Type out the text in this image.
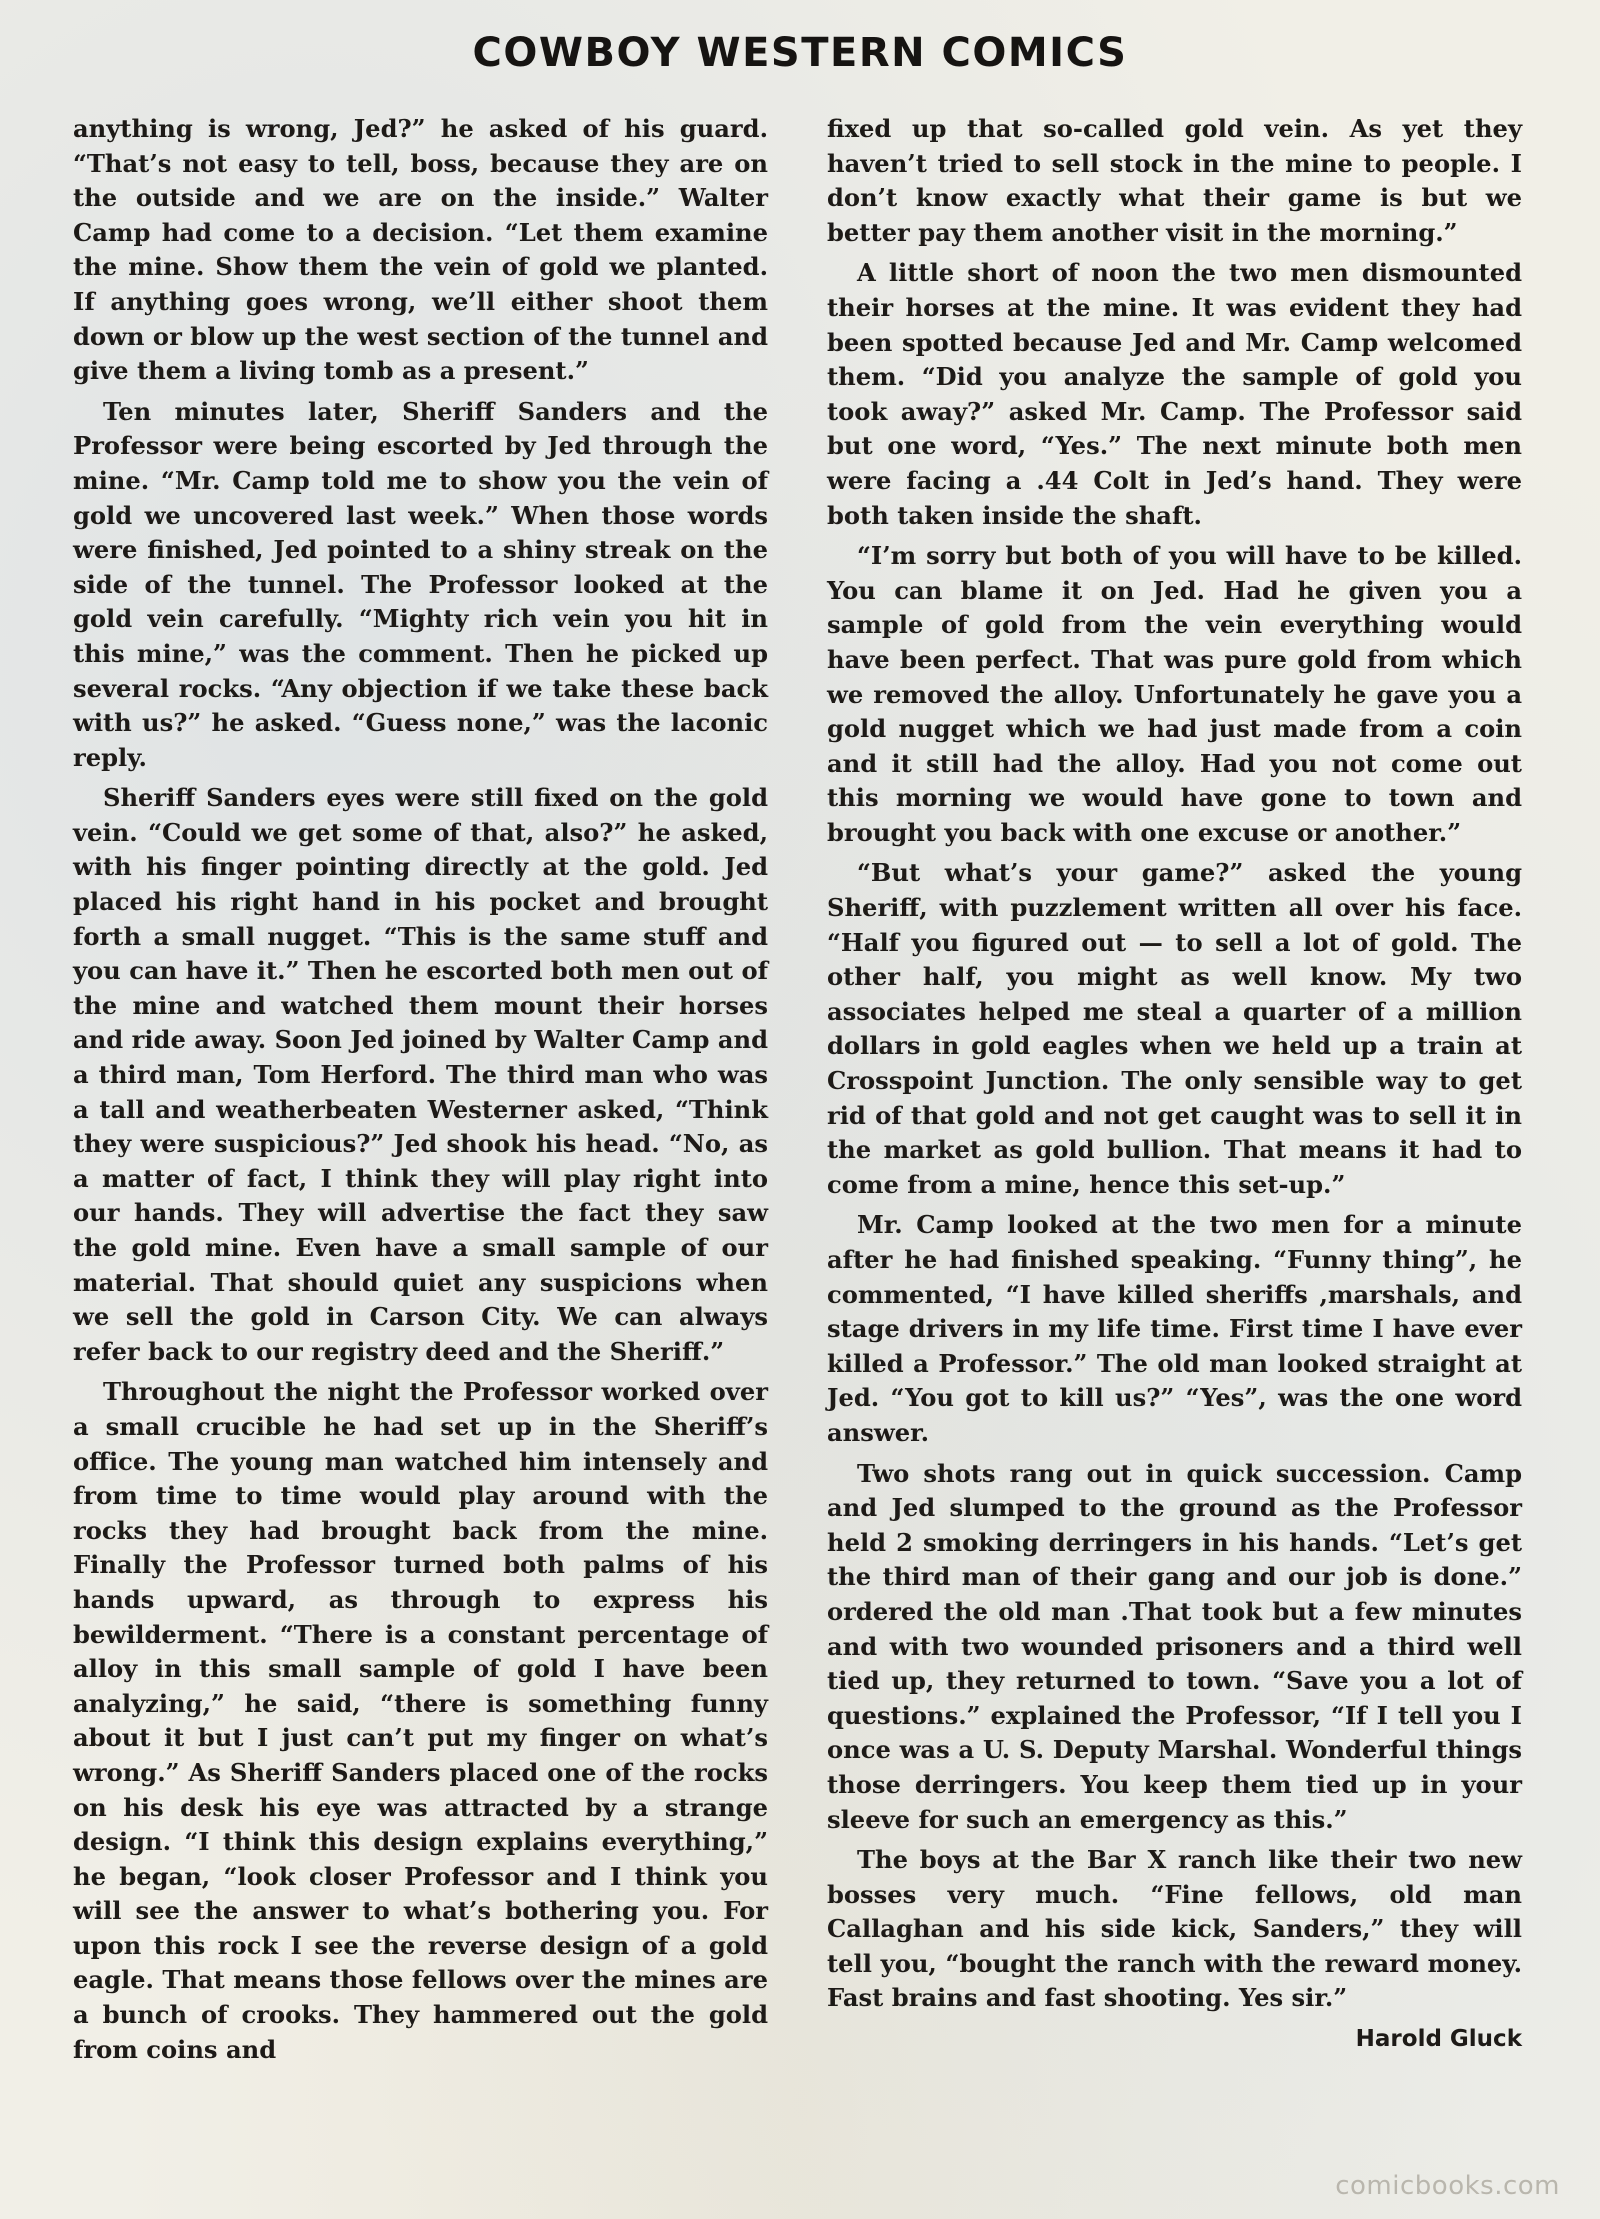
COWBOY WESTERN COMICS

anything is wrong, Jed?” he asked of his guard. “That’s not easy to tell, boss, because they are on the outside and we are on the inside.” Walter Camp had come to a decision. “Let them examine the mine. Show them the vein of gold we planted. If anything goes wrong, we’ll either shoot them down or blow up the west section of the tunnel and give them a living tomb as a present.”

Ten minutes later, Sheriff Sanders and the Professor were being escorted by Jed through the mine. “Mr. Camp told me to show you the vein of gold we uncovered last week.” When those words were finished, Jed pointed to a shiny streak on the side of the tunnel. The Professor looked at the gold vein carefully. “Mighty rich vein you hit in this mine,” was the comment. Then he picked up several rocks. “Any objection if we take these back with us?” he asked. “Guess none,” was the laconic reply.

Sheriff Sanders eyes were still fixed on the gold vein. “Could we get some of that, also?” he asked, with his finger pointing directly at the gold. Jed placed his right hand in his pocket and brought forth a small nugget. “This is the same stuff and you can have it.” Then he escorted both men out of the mine and watched them mount their horses and ride away. Soon Jed joined by Walter Camp and a third man, Tom Herford. The third man who was a tall and weatherbeaten Westerner asked, “Think they were suspicious?” Jed shook his head. “No, as a matter of fact, I think they will play right into our hands. They will advertise the fact they saw the gold mine. Even have a small sample of our material. That should quiet any suspicions when we sell the gold in Carson City. We can always refer back to our registry deed and the Sheriff.”

Throughout the night the Professor worked over a small crucible he had set up in the Sheriff’s office. The young man watched him intensely and from time to time would play around with the rocks they had brought back from the mine. Finally the Professor turned both palms of his hands upward, as through to express his bewilderment. “There is a constant percentage of alloy in this small sample of gold I have been analyzing,” he said, “there is something funny about it but I just can’t put my finger on what’s wrong.” As Sheriff Sanders placed one of the rocks on his desk his eye was attracted by a strange design. “I think this design explains everything,” he began, “look closer Professor and I think you will see the answer to what’s bothering you. For upon this rock I see the reverse design of a gold eagle. That means those fellows over the mines are a bunch of crooks. They hammered out the gold from coins and

fixed up that so-called gold vein. As yet they haven’t tried to sell stock in the mine to people. I don’t know exactly what their game is but we better pay them another visit in the morning.”

A little short of noon the two men dismounted their horses at the mine. It was evident they had been spotted because Jed and Mr. Camp welcomed them. “Did you analyze the sample of gold you took away?” asked Mr. Camp. The Professor said but one word, “Yes.” The next minute both men were facing a .44 Colt in Jed’s hand. They were both taken inside the shaft.

“I’m sorry but both of you will have to be killed. You can blame it on Jed. Had he given you a sample of gold from the vein everything would have been perfect. That was pure gold from which we removed the alloy. Unfortunately he gave you a gold nugget which we had just made from a coin and it still had the alloy. Had you not come out this morning we would have gone to town and brought you back with one excuse or another.”

“But what’s your game?” asked the young Sheriff, with puzzlement written all over his face. “Half you figured out — to sell a lot of gold. The other half, you might as well know. My two associates helped me steal a quarter of a million dollars in gold eagles when we held up a train at Crosspoint Junction. The only sensible way to get rid of that gold and not get caught was to sell it in the market as gold bullion. That means it had to come from a mine, hence this set-up.”

Mr. Camp looked at the two men for a minute after he had finished speaking. “Funny thing”, he commented, “I have killed sheriffs ,marshals, and stage drivers in my life time. First time I have ever killed a Professor.” The old man looked straight at Jed. “You got to kill us?” “Yes”, was the one word answer.

Two shots rang out in quick succession. Camp and Jed slumped to the ground as the Professor held 2 smoking derringers in his hands. “Let’s get the third man of their gang and our job is done.” ordered the old man .That took but a few minutes and with two wounded prisoners and a third well tied up, they returned to town. “Save you a lot of questions.” explained the Professor, “If I tell you I once was a U. S. Deputy Marshal. Wonderful things those derringers. You keep them tied up in your sleeve for such an emergency as this.”

The boys at the Bar X ranch like their two new bosses very much. “Fine fellows, old man Callaghan and his side kick, Sanders,” they will tell you, “bought the ranch with the reward money. Fast brains and fast shooting. Yes sir.”

Harold Gluck
comicbooks.com
